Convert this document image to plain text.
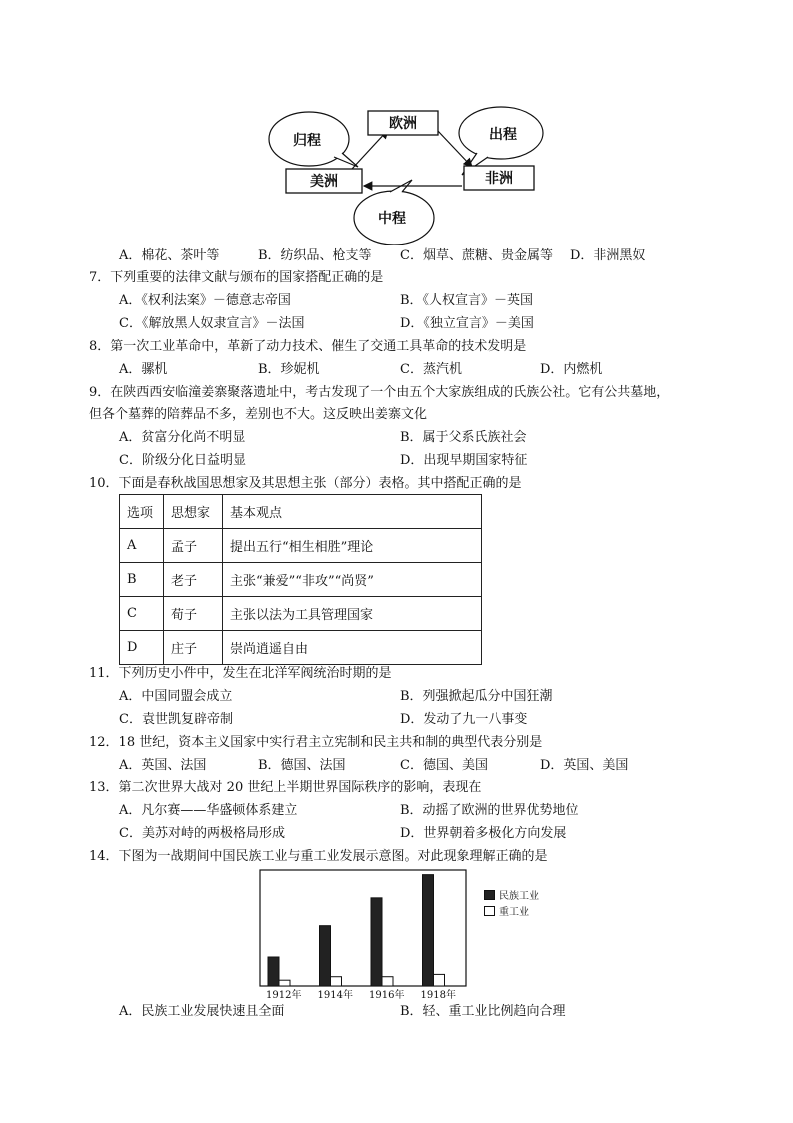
欧洲
非洲
美洲
出程
中程
归程
A．棉花、茶叶等	B．纺织品、枪支等 C．烟草、蔗糖、贵金属等 D．非洲黑奴
7．下列重要的法律文献与颁布的国家搭配正确的是
A．《权利法案》－德意志帝国	B．《人权宣言》－英国
C．《解放黑人奴隶宣言》－法国	D．《独立宣言》－美国
8．第一次工业革命中，革新了动力技术、催生了交通工具革命的技术发明是
A．骡机	B．珍妮机	C．蒸汽机	D．内燃机
9．在陕西西安临潼姜寨聚落遗址中，考古发现了一个由五个大家族组成的氏族公社。它有公共墓地，
但各个墓葬的陪葬品不多，差别也不大。这反映出姜寨文化
A．贫富分化尚不明显	B．属于父系氏族社会
C．阶级分化日益明显	D．出现早期国家特征
10．下面是春秋战国思想家及其思想主张（部分）表格。其中搭配正确的是
选项	思想家	基本观点
A	孟子	提出五行“相生相胜”理论
B	老子	主张“兼爱”“非攻”“尚贤”
C	荀子	主张以法为工具管理国家
D	庄子	崇尚逍遥自由
11．下列历史小件中，发生在北洋军阀统治时期的是
A．中国同盟会成立	B．列强掀起瓜分中国狂潮
C．袁世凯复辟帝制	D．发动了九一八事变
12．18 世纪，资本主义国家中实行君主立宪制和民主共和制的典型代表分别是
A．英国、法国	B．德国、法国	C．德国、美国	D．英国、美国
13．第二次世界大战对 20 世纪上半期世界国际秩序的影响，表现在
A．凡尔赛——华盛顿体系建立	B．动摇了欧洲的世界优势地位
C．美苏对峙的两极格局形成	D．世界朝着多极化方向发展
14．下图为一战期间中国民族工业与重工业发展示意图。对此现象理解正确的是
1912年 1914年 1916年 1918年
民族工业
重工业
A．民族工业发展快速且全面	B．轻、重工业比例趋向合理
